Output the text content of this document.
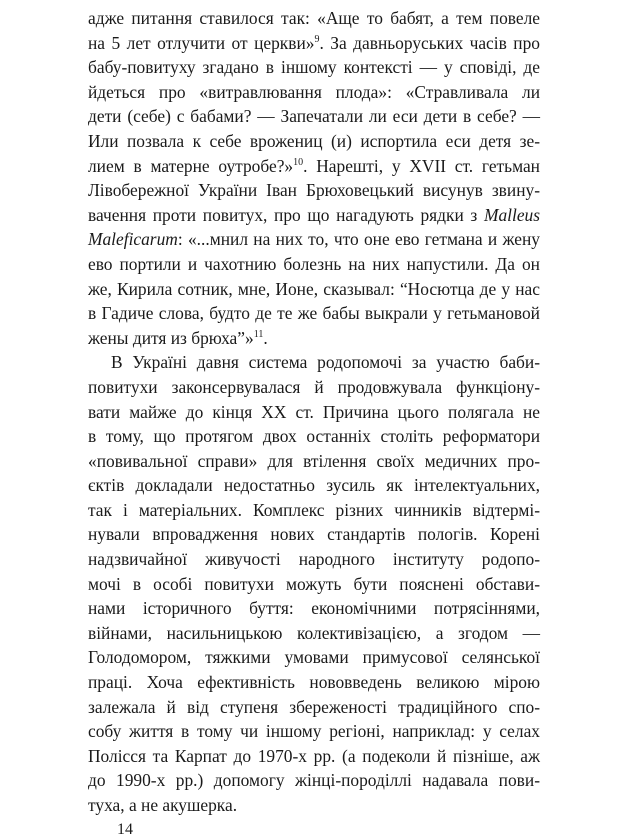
адже питання ставилося так: «Аще то бабят, а тем повеле
на 5 лет отлучити от церкви»$^9$. За давньоруських часів про
бабу-повитуху згадано в іншому контексті — у сповіді, де
йдеться про «витравлювання плода»: «Стравливала ли
дети (себе) с бабами? — Запечатали ли еси дети в себе? —
Или позвала к себе врожениц (и) испортила еси детя зе-
лием в матерне оутробе?»$^{10}$. Нарешті, у XVII ст. гетьман
Лівобережної України Іван Брюховецький висунув звину-
вачення проти повитух, про що нагадують рядки з Malleus
Maleficarum: «...мнил на них то, что оне ево гетмана и жену
ево портили и чахотнию болезнь на них напустили. Да он
же, Кирила сотник, мне, Ионе, сказывал: “Носютца де у нас
в Гадиче слова, будто де те же бабы выкрали у гетьмановой
жены дитя из брюха”»$^{11}$.
В Україні давня система родопомочі за участю баби-
повитухи законсервувалася й продовжувала функціону-
вати майже до кінця XX ст. Причина цього полягала не
в тому, що протягом двох останніх століть реформатори
«повивальної справи» для втілення своїх медичних про-
єктів докладали недостатньо зусиль як інтелектуальних,
так і матеріальних. Комплекс різних чинників відтермі-
нували впровадження нових стандартів пологів. Корені
надзвичайної живучості народного інституту родопо-
мочі в особі повитухи можуть бути пояснені обстави-
нами історичного буття: економічними потрясіннями,
війнами, насильницькою колективізацією, а згодом —
Голодомором, тяжкими умовами примусової селянської
праці. Хоча ефективність нововведень великою мірою
залежала й від ступеня збереженості традиційного спо-
собу життя в тому чи іншому регіоні, наприклад: у селах
Полісся та Карпат до 1970-х рр. (а подеколи й пізніше, аж
до 1990-х рр.) допомогу жінці-породіллі надавала пови-
туха, а не акушерка.
14
